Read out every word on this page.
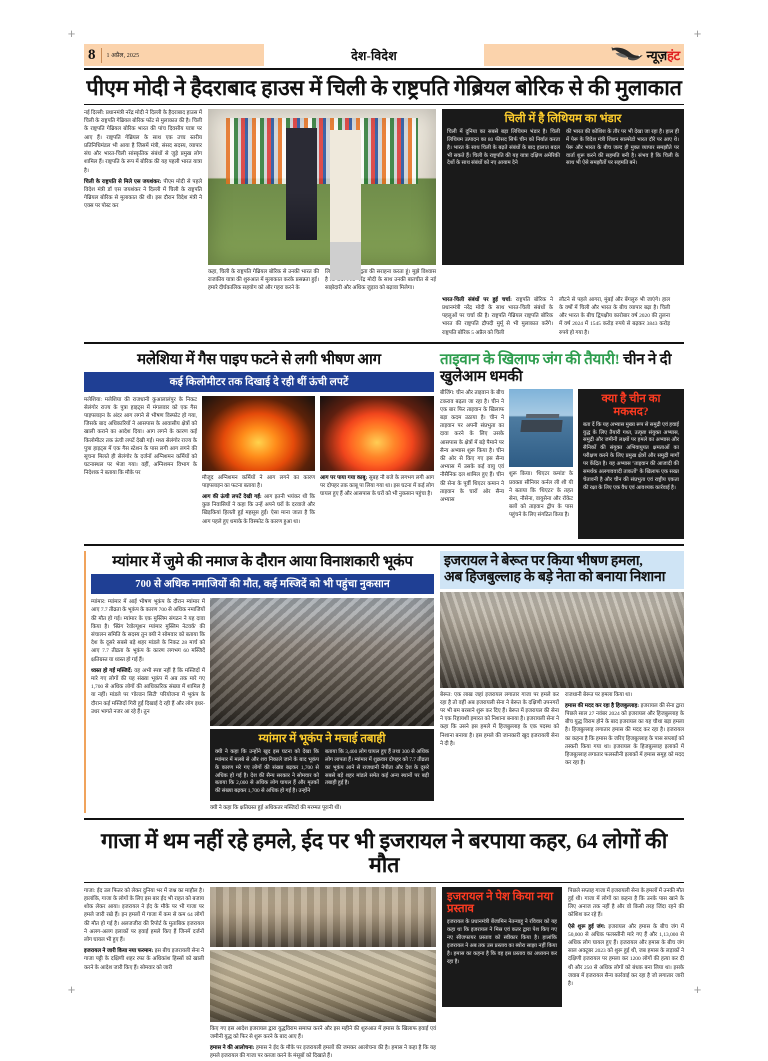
+	+
+	+
8	1 अप्रैल, 2025	देश-विदेश	न्यूज़हंट
पीएम मोदी ने हैदराबाद हाउस में चिली के राष्ट्रपति गेब्रियल बोरिक से की मुलाकात
नई दिल्ली: प्रधानमंत्री नरेंद्र मोदी ने दिल्ली के हैदराबाद हाउस में चिली के राष्ट्रपति गेब्रियल बोरिक फोंट से मुलाकात की है। चिली के राष्ट्रपति गेब्रियल बोरिक भारत की पांच दिवसीय यात्रा पर आए हैं। राष्ट्रपति गेब्रियल के साथ एक उच्च स्तरीय प्रतिनिधिमंडल भी आया है जिसमें मंत्री, संसद सदस्य, व्यापार संघ और भारत-चिली सांस्कृतिक संबंधों से जुड़े प्रमुख लोग शामिल हैं। राष्ट्रपति के रूप में बोरिक की यह पहली भारत यात्रा है।
चिली के राष्ट्रपति से मिले एस जयशंकर: पीएम मोदी से पहले विदेश मंत्री डॉ एस जयशंकर ने दिल्ली में चिली के राष्ट्रपति गेब्रियल बोरिक से मुलाकात की थी। इस दौरान विदेश मंत्री ने एक्स पर पोस्ट कर
कहा, चिली के राष्ट्रपति गेब्रियल बोरिक से उनकी भारत की राजकीय यात्रा की शुरुआत में मुलाकात करके प्रसन्नता हुई। हमारे दीर्घकालिक सहयोग को और गहरा करने के
लिए उनकी प्रतिबद्धता की सराहना करता हूं। मुझे विश्वास है कि प्रधानमंत्री नरेंद्र मोदी के साथ उनकी बातचीत से नई साझेदारी और अधिक जुड़ाव को बढ़ावा मिलेगा।
चिली में है लिथियम का भंडार
चिली में दुनिया का सबसे बड़ा लिथियम भंडार है। चिली लिथियम उत्पादन का 80 फीसद सिर्फ चीन को निर्यात करता है। भारत के साथ चिली के बढ़ते संबंधों के बाद हालात बदल भी सकते हैं। चिली के राष्ट्रपति की यह यात्रा दक्षिण अमेरिकी देशों के साथ संबंधों को नए आयाम देने
की भारत की कोशिश के तौर पर भी देखा जा रहा है। हाल ही में पेरू के विदेश मंत्री शिशन साल्सेडो भारत दौरे पर आए थे। पेरू और भारत के बीच जल्द ही मुक्त व्यापार समझौते पर वार्ता शुरू करने की सहमति बनी है। संभव है कि चिली के साथ भी ऐसे समझौतों पर सहमति बने।
भारत-चिली संबंधों पर हुई चर्चा: राष्ट्रपति बोरिक ने प्रधानमंत्री नरेंद्र मोदी के साथ भारत-चिली संबंधों के पहलुओं पर चर्चा की है। राष्ट्रपति गेब्रियल राष्ट्रपति बोरिक भारत की राष्ट्रपति द्रौपदी मुर्मू से भी मुलाकात करेंगे। राष्ट्रपति बोरिक 5 अप्रैल को चिली
लौटने से पहले आगरा, मुंबई और बेंगलुरु भी जाएंगे। हाल के वर्षों में चिली और भारत के बीच व्यापार बढ़ा है। चिली और भारत के बीच द्विपक्षीय कारोबार वर्ष 2020 की तुलना में वर्ष 2024 में 1545 करोड़ रुपये से बढ़कर 3843 करोड़ रुपये हो गया है।
मलेशिया में गैस पाइप फटने से लगी भीषण आग
कई किलोमीटर तक दिखाई दे रही थीं ऊंची लपटें
मलेशिया: मलेशिया की राजधानी कुआलालंपुर के निकट सेलंगोर राज्य के पुत्रा हाइट्स में मंगलवार को एक गैस पाइपलाइन के अंदर आग लगने से भीषण विस्फोट हो गया, जिसके बाद अधिकारियों ने आसपास के आवासीय क्षेत्रों को खाली कराने का आदेश दिया। आग लगने के कारण कई किलोमीटर तक ऊंची लपटें देखी गईं। मध्य सेलंगोर राज्य के पुत्रा हाइट्स में एक गैस स्टेशन के पास लगी आग लगने की सूचना मिलते ही सेलंगोर के दर्जनों अग्निशमन कर्मियों को घटनास्थल पर भेजा गया। वहीं, अग्निशमन विभाग के निदेशक ने बताया कि मौके पर
मौजूद अग्निशमन कर्मियों ने आग लगने का कारण पाइपलाइन का फटना बताया है।
आग की ऊंची लपटें देखी गईं: आग इतनी भयंकर थी कि कुछ निवासियों ने कहा कि उन्हें अपने घरों के दरवाजे और खिड़कियां हिलती हुई महसूस हुईं। ऐसा माना जाता है कि आग पहले हुए धमाके के विस्फोट के कारण हुआ था।
आग पर पाया गया काबू: सुबह नौ बजे के लगभग लगी आग पर दोपहर तक काबू पा लिया गया था। इस घटना में कई लोग घायल हुए हैं और आसपास के घरों को भी नुकसान पहुंचा है।
ताइवान के खिलाफ जंग की तैयारी! चीन ने दी खुलेआम धमकी
बीजिंग: चीन और ताइवान के बीच टकराव बढ़ता जा रहा है। चीन ने एक बार फिर ताइवान के खिलाफ बड़ा कदम उठाया है। चीन ने ताइवान पर अपनी संप्रभुता का दावा करने के लिए उसके आसपास के क्षेत्रों में बड़े पैमाने पर सैन्य अभ्यास शुरू किया है। चीन की ओर से किए गए इस सैन्य अभ्यास में उसके कई वायु एवं नौसैनिक दल शामिल हुए हैं। चीन की सेना के पूर्वी थिएटर कमान ने ताइवान के चारों ओर सैन्य अभ्यास
शुरू किया। 'थिएटर कमांड' के प्रवक्ता सीनियर कर्नल ली शी यी ने बताया कि 'थिएटर' के तहत सेना, नौसेना, वायुसेना और रॉकेट बलों को ताइवान द्वीप के पास पहुंचने के लिए संगठित किया है।
क्या है चीन का मकसद?
बता दें कि यह अभ्यास मुख्य रूप से समुद्री एवं हवाई युद्ध के लिए तैयारी गश्त, उत्कृष्ट संयुक्त अभ्यास, समुद्री और जमीनी लक्ष्यों पर हमले का अभ्यास और सैनिकों की संयुक्त अभिवायुयत क्षमताओं का परीक्षण करने के लिए प्रमुख क्षेत्रों और समुद्री मार्गों पर केंद्रित है। यह अभ्यास ''ताइवान की आजादी की समर्थक अलगाववादी ताकतों'' के खिलाफ एक सख्त चेतावनी है और चीन की संप्रभुता एवं राष्ट्रीय एकता की रक्षा के लिए एक वैध एवं आवश्यक कार्रवाई है।
म्यांमार में जुमे की नमाज के दौरान आया विनाशकारी भूकंप
700 से अधिक नमाजियों की मौत, कई मस्जिदें को भी पहुंचा नुकसान
म्यांमार: म्यांमार में आई भीषण भूकंप के दौरान म्यांमार में आए 7.7 तीव्रता के भूकंप के कारण 700 से अधिक नमाजियों की मौत हो गई। म्यांमार के एक मुस्लिम संगठन ने यह दावा किया है। 'स्प्रिंग रेवोल्यूशन म्यांमार मुस्लिम नेटवर्क' की संचालन समिति के सदस्य तुन क्यी ने सोमवार को बताया कि देश के दूसरे सबसे बड़े शहर मांडले के निकट 28 मार्च को आए 7.7 तीव्रता के भूकंप के कारण लगभग 60 मस्जिदें क्षतिग्रस्त या ध्वस्त हो गई हैं।
ध्वस्त हो गईं मस्जिदें: वह अभी स्पष्ट नहीं है कि मस्जिदों में मारे गए लोगों की यह संख्या भूकंप में अब तक मारे गए 1,700 से अधिक लोगों की आधिकारिक संख्या में शामिल है या नहीं। मांडले पर 'गोल्डन सिटी' परियोजना में भूकंप के दौरान कई मस्जिदों गिरी हुईं दिखाई दे रही हैं और लोग इधर-उधर भागते नजर आ रहे हैं। तुन
म्यांमार में भूकंप ने मचाई तबाही
क्यी ने कहा कि उन्होंने खुद इस घटना को देखा कि म्यांमार में मलबे से और शव निकाले जाने के बाद भूकंप के कारण मरे गए लोगों की संख्या बढ़कर 1,700 से अधिक हो गई है। देश की सैन्य सरकार ने सोमवार को बताया कि 2,000 से अधिक लोग घायल हैं और मृतकों की संख्या बढ़कर 1,700 से अधिक हो गई है। उन्होंने
बताया कि 3,400 लोग घायल हुए हैं तथा 300 से अधिक लोग लापता हैं। म्यांमार में शुक्रवार दोपहर को 7.7 तीव्रता का भूकंप आने से राजधानी नेपीता और देश के दूसरे सबसे बड़े शहर मांडले समेत कई अन्य स्थानों पर बड़ी तबाही हुई है।
क्यी ने कहा कि क्षतिग्रस्त हुई अधिकतर मस्जिदों की मरम्मत पूरानी थीं।
इजरायल ने बेरूत पर किया भीषण हमला,
अब हिजबुल्लाह के बड़े नेता को बनाया निशाना
बेरूत: एक लाख जहां इजरायल लगातार गाजा पर हमले कर रहा है तो वहीं अब इजरायली सेना ने बेरूत के दक्षिणी उपनगरों पर भी बम बरसाने शुरू कर दिए हैं। बेरूत में इजरायल की सेना ने एक रिहायशी इमारत को निशाना बनाया है। इजरायली सेना ने कहा कि उसने इस हमले में हिजबुल्लाह के एक पदस्थ को निशाना बनाया है। इस हमले की जानकारी खुद इजरायली सेना ने दी है।
राजधानी बेरूत पर हमला किया था।
हमास की मदद कर रहा है हिजबुल्लाह: इजरायल की सेना द्वारा पिछले साल 27 नवंबर 2024 को इजरायल और हिजबुल्लाह के बीच युद्ध विराम होने के बाद इजरायल का यह चौथा बड़ा हमला है। हिजबुल्लाह लगातार हमास की मदद कर रहा है। इजरायल का कहना है कि हमास के जरिए हिजबुल्लाह के पास सप्लाई को तस्करी किया गया था। इजरायल के हिजबुल्लाह इलाकों में हिजबुल्लाह लगातार फलस्तीनी इलाकों में हमास समूह को मदद कर रहा है।
गाजा में थम नहीं रहे हमले, ईद पर भी इजरायल ने बरपाया कहर, 64 लोगों की मौत
गाजा: ईद उल फितर को लेकर दुनिया भर में जश्न का माहौल है। हालांकि, गाजा के लोगों के लिए इस बार ईद भी राहत को बजाय शोक लेकर आया। इजरायल ने ईद के मौके पर भी गाजा पर हमले जारी रखे हैं। इन हमलों में गाजा में कम से कम 64 लोगों की मौत हो गई है। अलजजीरा की रिपोर्ट के मुताबिक इजरायल ने अलग-अलग इलाकों पर हवाई हमले किए हैं जिनमें दर्जनों लोग घायल भी हुए हैं।
इजरायल ने जारी किया नया फरमान: इस बीच इजरायली सेना ने गाजा पट्टी के दक्षिणी शहर रफा के अधिकांश हिस्सों को खाली करने के आदेश जारी किए हैं। सोमवार को जारी
किए गए इस आदेश इजरायल द्वारा युद्धविराम समाप्त करने और इस महीने की शुरुआत में हमास के खिलाफ हवाई एवं जमीनी युद्ध को फिर से शुरू करने के बाद आए हैं।
हमास ने की आलोचना: हमास ने ईद के मौके पर इजरायली हमलों की जमकर आलोचना की है। हमास ने कहा है कि यह हमले इजरायल की गाजा पर कब्जा करने के मंसूबों को दिखाते हैं।
इजरायल ने पेश किया नया प्रस्ताव
इजरायल के प्रधानमंत्री बेंजामिन नेतन्याहू ने रविवार को यह कहा था कि इजरायल ने मिस्र एवं कतर द्वारा पेश किए गए नए सीजफायर प्रस्ताव को स्वीकार किया है। हालांकि इजरायल ने अब तक उस प्रस्ताव का ब्योरा साझा नहीं किया है। हमास का कहना है कि वह इस प्रस्ताव का अध्ययन कर रहा है।
पिछले सप्ताह गाजा में इजरायली सेना के हमलों में उनकी मौत हुई थी। गाजा में लोगों का कहना है कि उनके पास खाने के लिए अनाज तक नहीं है और वो किसी तरह जिंदा रहने की कोशिश कर रहे हैं।
ऐसे शुरू हुई जंग: इजरायल और हमास के बीच जंग में 50,000 से अधिक फलस्तीनी मारे गए हैं और 1,13,000 से अधिक लोग घायल हुए हैं। इजरायल और हमास के बीच जंग साल अक्टूबर 2023 को शुरू हुई थी, जब हमास के लड़ाकों ने दक्षिणी इजरायल पर हमला कर 1200 लोगों की हत्या कर दी थी और 250 से अधिक लोगों को बंधक बना लिया था। इसके जवाब में इजरायल सैन्य कार्रवाई कर रहा है जो लगातार जारी है।
